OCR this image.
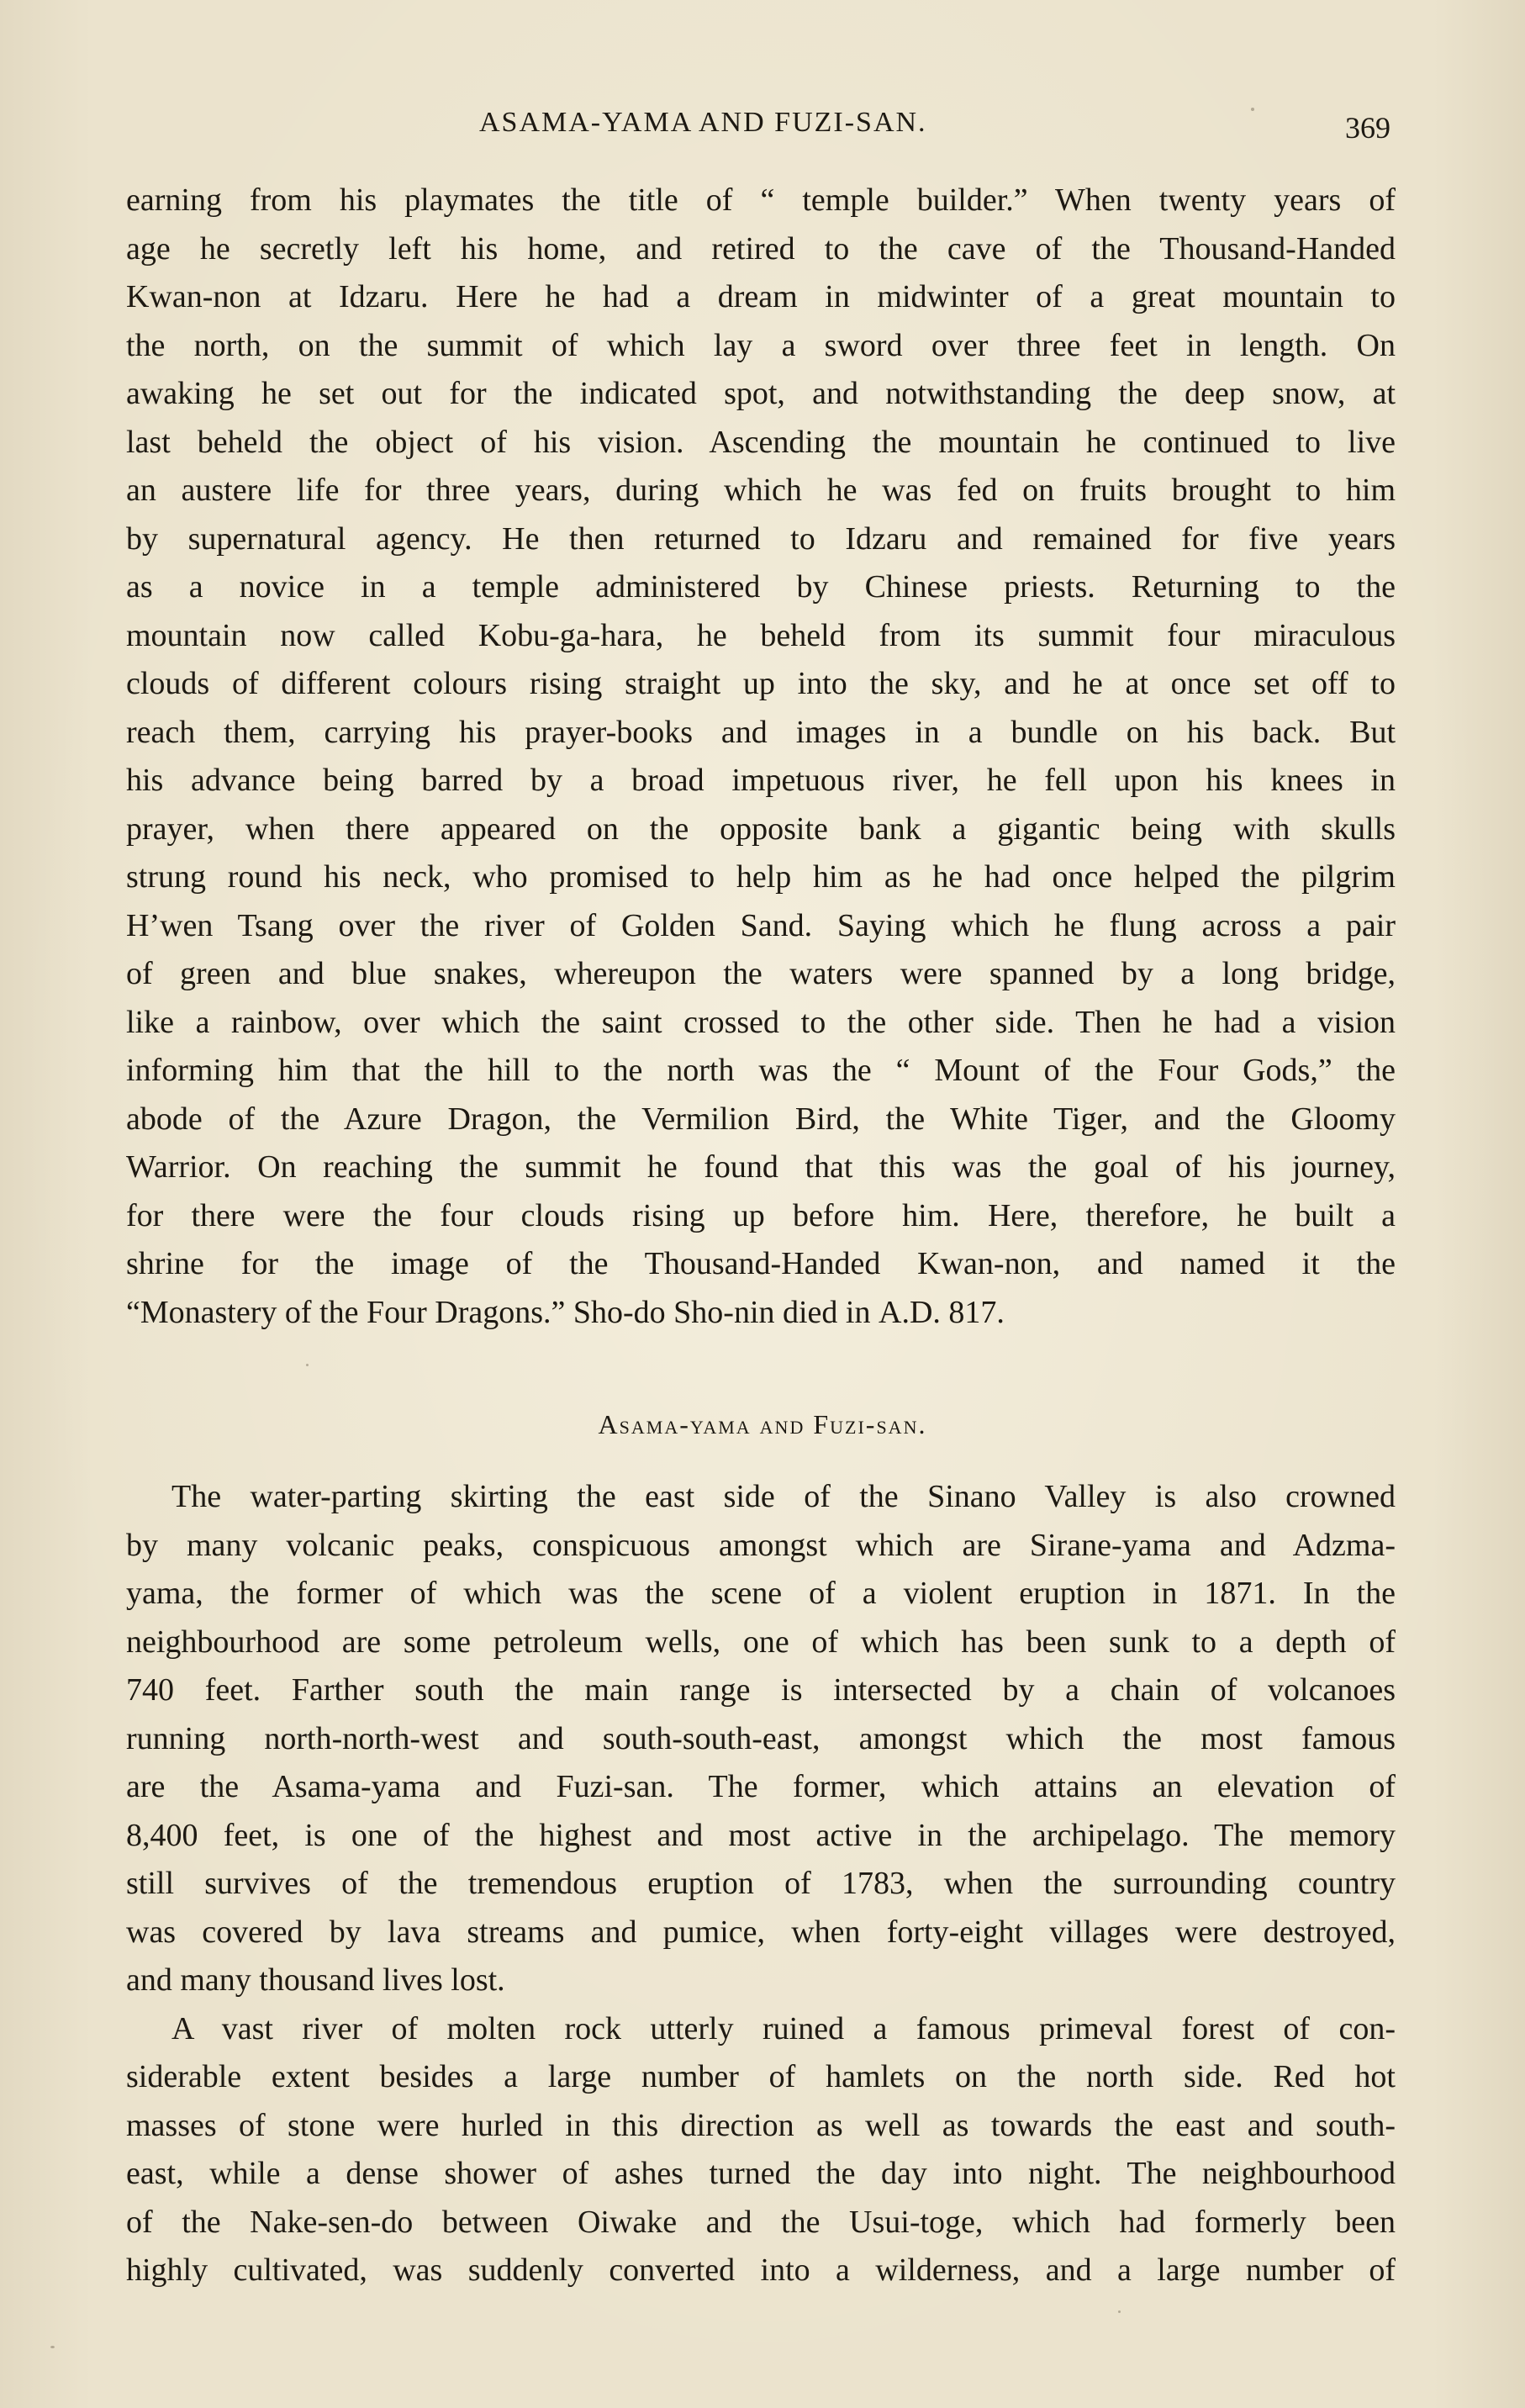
ASAMA-YAMA AND FUZI-SAN.	369
earning from his playmates the title of “ temple builder.” When twenty years of
age he secretly left his home, and retired to the cave of the Thousand-Handed
Kwan-non at Idzaru. Here he had a dream in midwinter of a great mountain to
the north, on the summit of which lay a sword over three feet in length. On
awaking he set out for the indicated spot, and notwithstanding the deep snow, at
last beheld the object of his vision. Ascending the mountain he continued to live
an austere life for three years, during which he was fed on fruits brought to him
by supernatural agency. He then returned to Idzaru and remained for five years
as a novice in a temple administered by Chinese priests. Returning to the
mountain now called Kobu-ga-hara, he beheld from its summit four miraculous
clouds of different colours rising straight up into the sky, and he at once set off to
reach them, carrying his prayer-books and images in a bundle on his back. But
his advance being barred by a broad impetuous river, he fell upon his knees in
prayer, when there appeared on the opposite bank a gigantic being with skulls
strung round his neck, who promised to help him as he had once helped the pilgrim
H’wen Tsang over the river of Golden Sand. Saying which he flung across a pair
of green and blue snakes, whereupon the waters were spanned by a long bridge,
like a rainbow, over which the saint crossed to the other side. Then he had a vision
informing him that the hill to the north was the “ Mount of the Four Gods,” the
abode of the Azure Dragon, the Vermilion Bird, the White Tiger, and the Gloomy
Warrior. On reaching the summit he found that this was the goal of his journey,
for there were the four clouds rising up before him. Here, therefore, he built a
shrine for the image of the Thousand-Handed Kwan-non, and named it the
“Monastery of the Four Dragons.” Sho-do Sho-nin died in A.D. 817.
Asama-yama and Fuzi-san.
The water-parting skirting the east side of the Sinano Valley is also crowned
by many volcanic peaks, conspicuous amongst which are Sirane-yama and Adzma-
yama, the former of which was the scene of a violent eruption in 1871. In the
neighbourhood are some petroleum wells, one of which has been sunk to a depth of
740 feet. Farther south the main range is intersected by a chain of volcanoes
running north-north-west and south-south-east, amongst which the most famous
are the Asama-yama and Fuzi-san. The former, which attains an elevation of
8,400 feet, is one of the highest and most active in the archipelago. The memory
still survives of the tremendous eruption of 1783, when the surrounding country
was covered by lava streams and pumice, when forty-eight villages were destroyed,
and many thousand lives lost.
A vast river of molten rock utterly ruined a famous primeval forest of con-
siderable extent besides a large number of hamlets on the north side. Red hot
masses of stone were hurled in this direction as well as towards the east and south-
east, while a dense shower of ashes turned the day into night. The neighbourhood
of the Nake-sen-do between Oiwake and the Usui-toge, which had formerly been
highly cultivated, was suddenly converted into a wilderness, and a large number of
